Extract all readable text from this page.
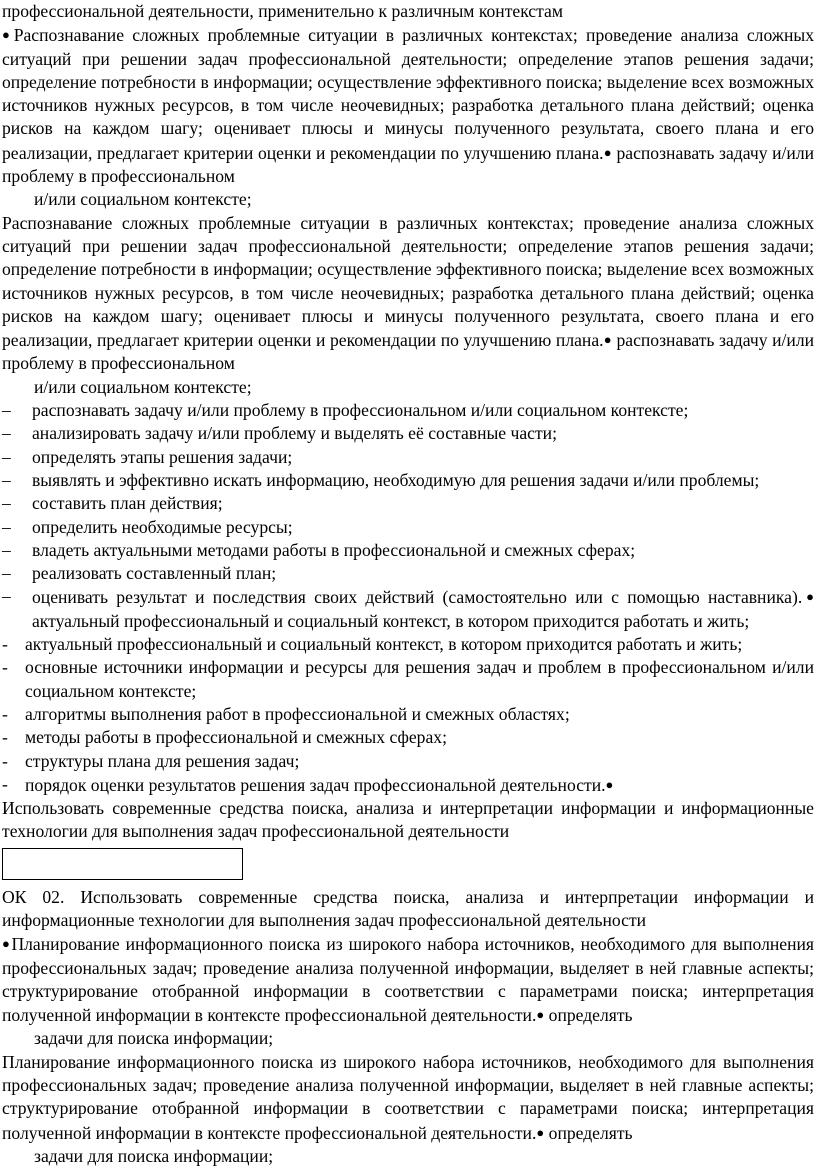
профессиональной деятельности, применительно к различным контекстам

●Распознавание сложных проблемные ситуации в различных контекстах; проведение анализа сложных ситуаций при решении задач профессиональной деятельности; определение этапов решения задачи; определение потребности в информации; осуществление эффективного поиска; выделение всех возможных источников нужных ресурсов, в том числе неочевидных; разработка детального плана действий; оценка рисков на каждом шагу; оценивает плюсы и минусы полученного результата, своего плана и его реализации, предлагает критерии оценки и рекомендации по улучшению плана.● распознавать задачу и/или проблему в профессиональном

и/или социальном контексте;

Распознавание сложных проблемные ситуации в различных контекстах; проведение анализа сложных ситуаций при решении задач профессиональной деятельности; определение этапов решения задачи; определение потребности в информации; осуществление эффективного поиска; выделение всех возможных источников нужных ресурсов, в том числе неочевидных; разработка детального плана действий; оценка рисков на каждом шагу; оценивает плюсы и минусы полученного результата, своего плана и его реализации, предлагает критерии оценки и рекомендации по улучшению плана.● распознавать задачу и/или проблему в профессиональном

и/или социальном контексте;

–	распознавать задачу и/или проблему в профессиональном и/или социальном контексте;
–	анализировать задачу и/или проблему и выделять её составные части;
–	определять этапы решения задачи;
–	выявлять и эффективно искать информацию, необходимую для решения задачи и/или проблемы;
–	составить план действия;
–	определить необходимые ресурсы;
–	владеть актуальными методами работы в профессиональной и смежных сферах;
–	реализовать составленный план;
–	оценивать результат и последствия своих действий (самостоятельно или с помощью наставника).● актуальный профессиональный и социальный контекст, в котором приходится работать и жить;
- актуальный профессиональный и социальный контекст, в котором приходится работать и жить;
- основные источники информации и ресурсы для решения задач и проблем в профессиональном и/или социальном контексте;
- алгоритмы выполнения работ в профессиональной и смежных областях;
- методы работы в профессиональной и смежных сферах;
- структуры плана для решения задач;
- порядок оценки результатов решения задач профессиональной деятельности.●

Использовать современные средства поиска, анализа и интерпретации информации и информационные технологии для выполнения задач профессиональной деятельности

ОК 02. Использовать современные средства поиска, анализа и интерпретации информации и информационные технологии для выполнения задач профессиональной деятельности

●Планирование информационного поиска из широкого набора источников, необходимого для выполнения профессиональных задач; проведение анализа полученной информации, выделяет в ней главные аспекты; структурирование отобранной информации в соответствии с параметрами поиска; интерпретация полученной информации в контексте профессиональной деятельности.● определять

задачи для поиска информации;

Планирование информационного поиска из широкого набора источников, необходимого для выполнения профессиональных задач; проведение анализа полученной информации, выделяет в ней главные аспекты; структурирование отобранной информации в соответствии с параметрами поиска; интерпретация полученной информации в контексте профессиональной деятельности.● определять

задачи для поиска информации;
